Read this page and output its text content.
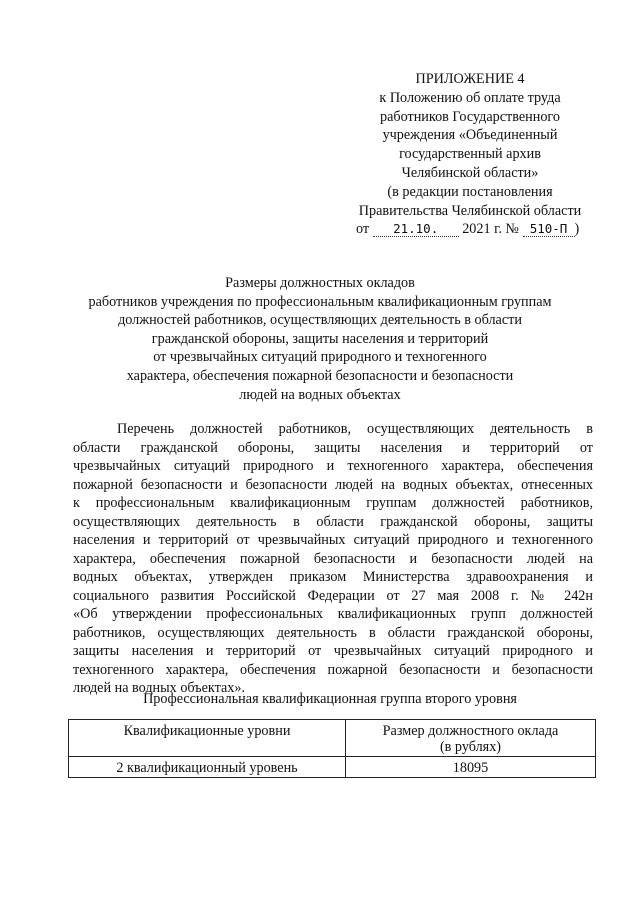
ПРИЛОЖЕНИЕ 4
к Положению об оплате труда
работников Государственного
учреждения «Объединенный
государственный архив
Челябинской области»
(в редакции постановления
Правительства Челябинской области
от 21.10. 2021 г. № 510-П )
Размеры должностных окладов
работников учреждения по профессиональным квалификационным группам
должностей работников, осуществляющих деятельность в области
гражданской обороны, защиты населения и территорий
от чрезвычайных ситуаций природного и техногенного
характера, обеспечения пожарной безопасности и безопасности
людей на водных объектах
Перечень должностей работников, осуществляющих деятельность в
области гражданской обороны, защиты населения и территорий от
чрезвычайных ситуаций природного и техногенного характера, обеспечения
пожарной безопасности и безопасности людей на водных объектах, отнесенных
к профессиональным квалификационным группам должностей работников,
осуществляющих деятельность в области гражданской обороны, защиты
населения и территорий от чрезвычайных ситуаций природного и техногенного
характера, обеспечения пожарной безопасности и безопасности людей на
водных объектах, утвержден приказом Министерства здравоохранения и
социального развития Российской Федерации от 27 мая 2008 г. № 242н
«Об утверждении профессиональных квалификационных групп должностей
работников, осуществляющих деятельность в области гражданской обороны,
защиты населения и территорий от чрезвычайных ситуаций природного и
техногенного характера, обеспечения пожарной безопасности и безопасности
людей на водных объектах».
Профессиональная квалификационная группа второго уровня
Квалификационные уровни	Размер должностного оклада
(в рублях)

2 квалификационный уровень	18095
